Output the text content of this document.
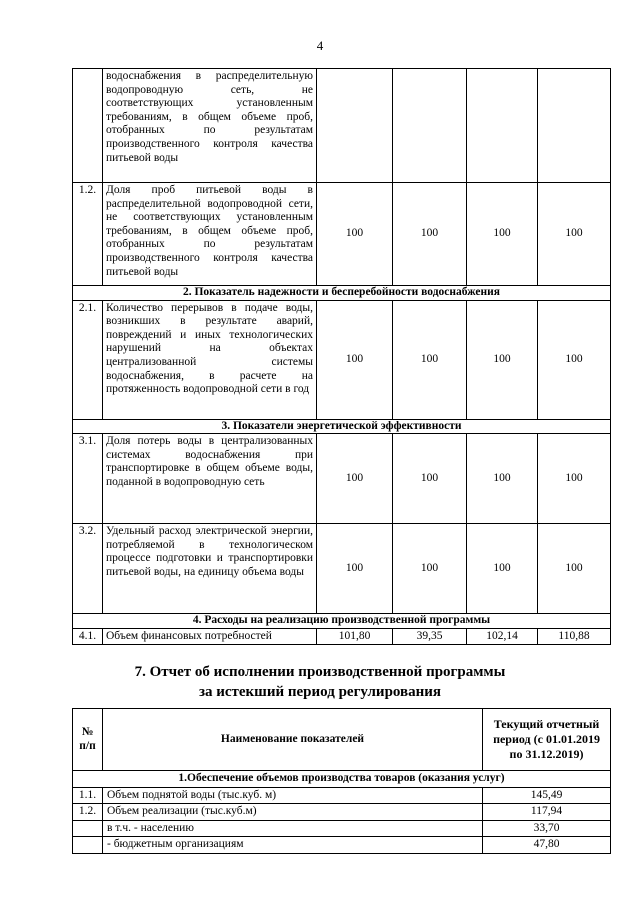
4
	водоснабжения в распределительную водопроводную сеть, не соответствующих установленным требованиям, в общем объеме проб, отобранных по результатам производственного контроля качества питьевой воды				
1.2.	Доля проб питьевой воды в распределительной водопроводной сети, не соответствующих установленным требованиям, в общем объеме проб, отобранных по результатам производственного контроля качества питьевой воды	100	100	100	100
2. Показатель надежности и бесперебойности водоснабжения					
2.1.	Количество перерывов в подаче воды, возникших в результате аварий, повреждений и иных технологических нарушений на объектах централизованной системы водоснабжения, в расчете на протяженность водопроводной сети в год	100	100	100	100
3. Показатели энергетической эффективности					
3.1.	Доля потерь воды в централизованных системах водоснабжения при транспортировке в общем объеме воды, поданной в водопроводную сеть	100	100	100	100
3.2.	Удельный расход электрической энергии, потребляемой в технологическом процессе подготовки и транспортировки питьевой воды, на единицу объема воды	100	100	100	100
4. Расходы на реализацию производственной программы					
4.1.	Объем финансовых потребностей	101,80	39,35	102,14	110,88
7. Отчет об исполнении производственной программы
за истекший период регулирования
№ п/п	Наименование показателей	Текущий отчетный период (с 01.01.2019 по 31.12.2019)
1.Обеспечение объемов производства товаров (оказания услуг)		
1.1.	Объем поднятой воды (тыс.куб. м)	145,49
1.2.	Объем реализации (тыс.куб.м)	117,94
	в т.ч. - населению	33,70
	- бюджетным организациям	47,80
